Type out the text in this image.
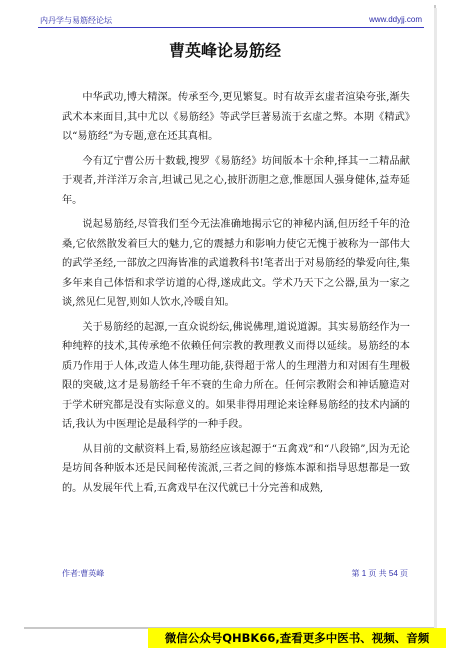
内丹学与易筋经论坛	www.ddyjj.com
曹英峰论易筋经

中华武功,博大精深。传承至今,更见繁复。时有故弄玄虚者渲染夸张,渐失武术本来面目,其中尤以《易筋经》等武学巨著易流于玄虚之弊。本期《精武》以“易筋经”为专题,意在还其真相。

今有辽宁曹公历十数载,搜罗《易筋经》坊间版本十余种,择其一二精品献于观者,并洋洋万余言,坦诚己见之心,披肝沥胆之意,惟愿国人强身健体,益寿延年。

说起易筋经,尽管我们至今无法准确地揭示它的神秘内涵,但历经千年的沧桑,它依然散发着巨大的魅力,它的震撼力和影响力使它无愧于被称为一部伟大的武学圣经,一部放之四海皆准的武道教科书!笔者出于对易筋经的挚爱向往,集多年来自己体悟和求学访道的心得,遂成此文。学术乃天下之公器,虽为一家之谈,然见仁见智,则如人饮水,冷暖自知。

关于易筋经的起源,一直众说纷纭,佛说佛理,道说道源。其实易筋经作为一种纯粹的技术,其传承绝不依赖任何宗教的教理教义而得以延续。易筋经的本质乃作用于人体,改造人体生理功能,获得超于常人的生理潜力和对困有生理极限的突破,这才是易筋经千年不衰的生命力所在。任何宗教附会和神话臆造对于学术研究都是没有实际意义的。如果非得用理论来诠释易筋经的技术内涵的话,我认为中医理论是最科学的一种手段。

从目前的文献资料上看,易筋经应该起源于“五禽戏”和“八段锦”,因为无论是坊间各种版本还是民间秘传流派,三者之间的修炼本源和指导思想都是一致的。从发展年代上看,五禽戏早在汉代就已十分完善和成熟,

作者:曹英峰	第 1 页 共 54 页
微信公众号QHBK66,查看更多中医书、视频、音频
